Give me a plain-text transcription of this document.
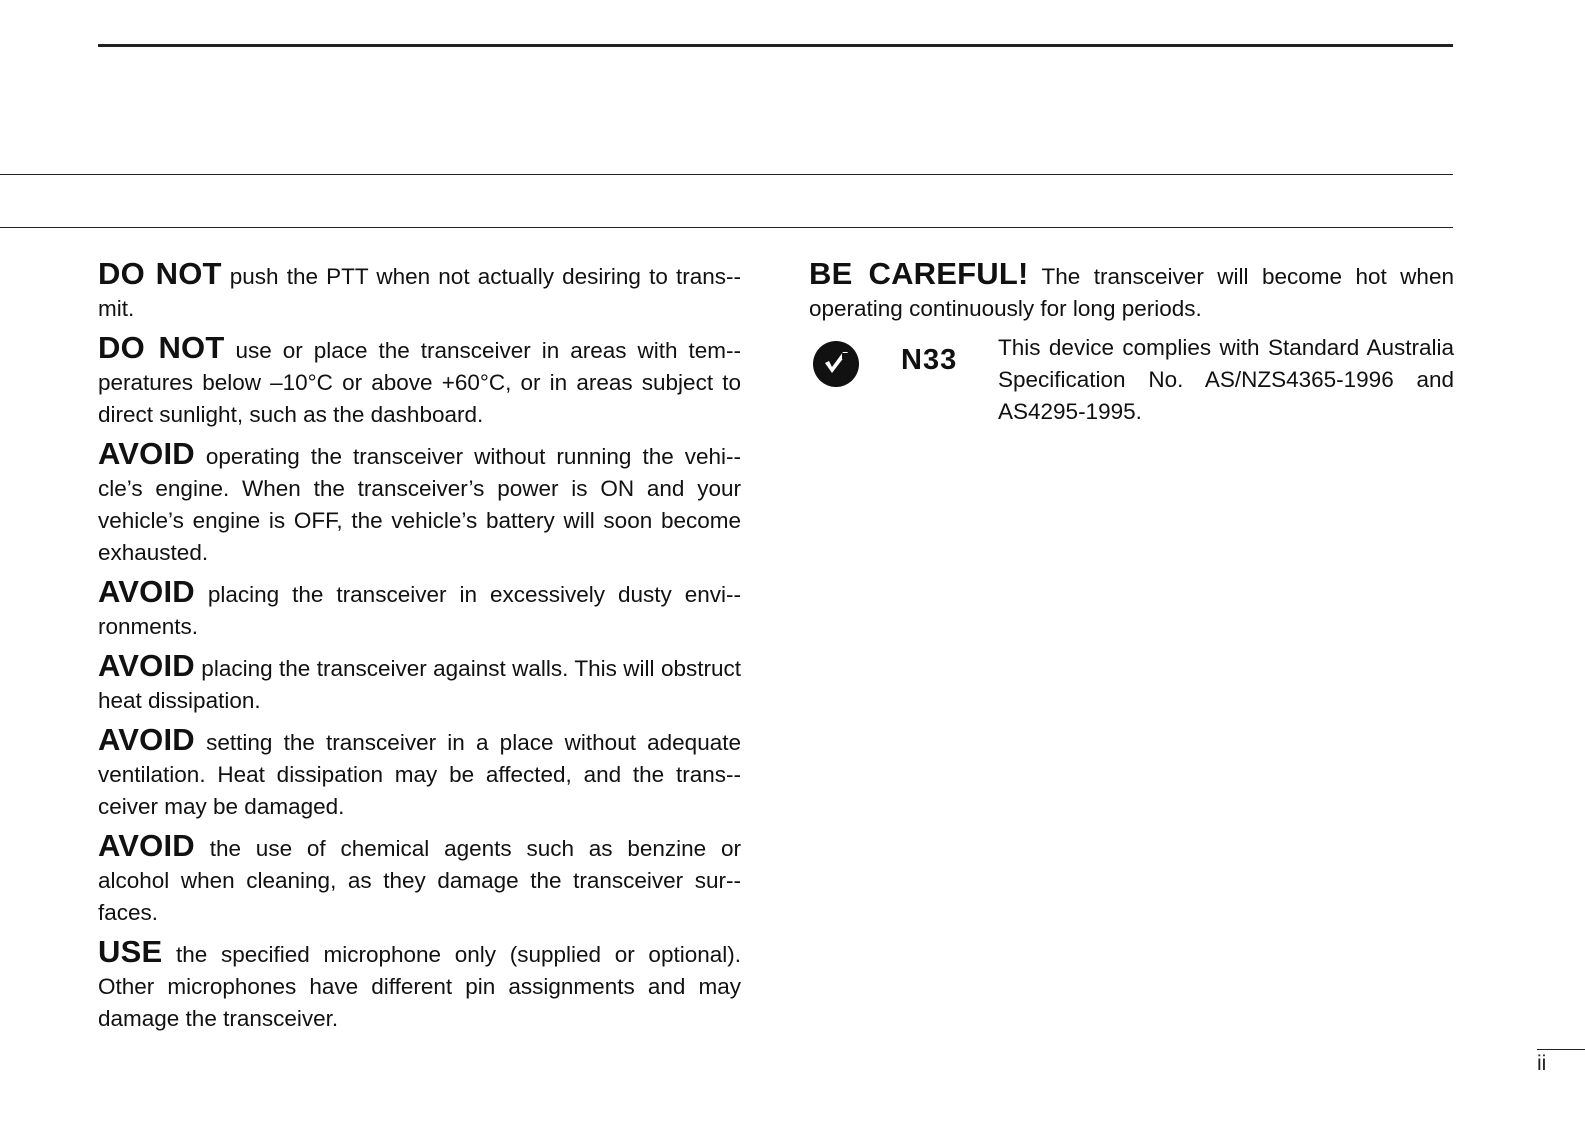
DO NOT push the PTT when not actually desiring to trans-mit.

DO NOT use or place the transceiver in areas with tem-peratures below –10°C or above +60°C, or in areas subject to direct sunlight, such as the dashboard.

AVOID operating the transceiver without running the vehi-cle’s engine. When the transceiver’s power is ON and your vehicle’s engine is OFF, the vehicle’s battery will soon become exhausted.

AVOID placing the transceiver in excessively dusty envi-ronments.

AVOID placing the transceiver against walls. This will obstruct heat dissipation.

AVOID setting the transceiver in a place without adequate ventilation. Heat dissipation may be affected, and the trans-ceiver may be damaged.

AVOID the use of chemical agents such as benzine or alcohol when cleaning, as they damage the transceiver sur-faces.

USE the specified microphone only (supplied or optional). Other microphones have different pin assignments and may damage the transceiver.

BE CAREFUL! The transceiver will become hot when operating continuously for long periods.

N33 This device complies with Standard Australia Specification No. AS/NZS4365-1996 and AS4295-1995.
ii
